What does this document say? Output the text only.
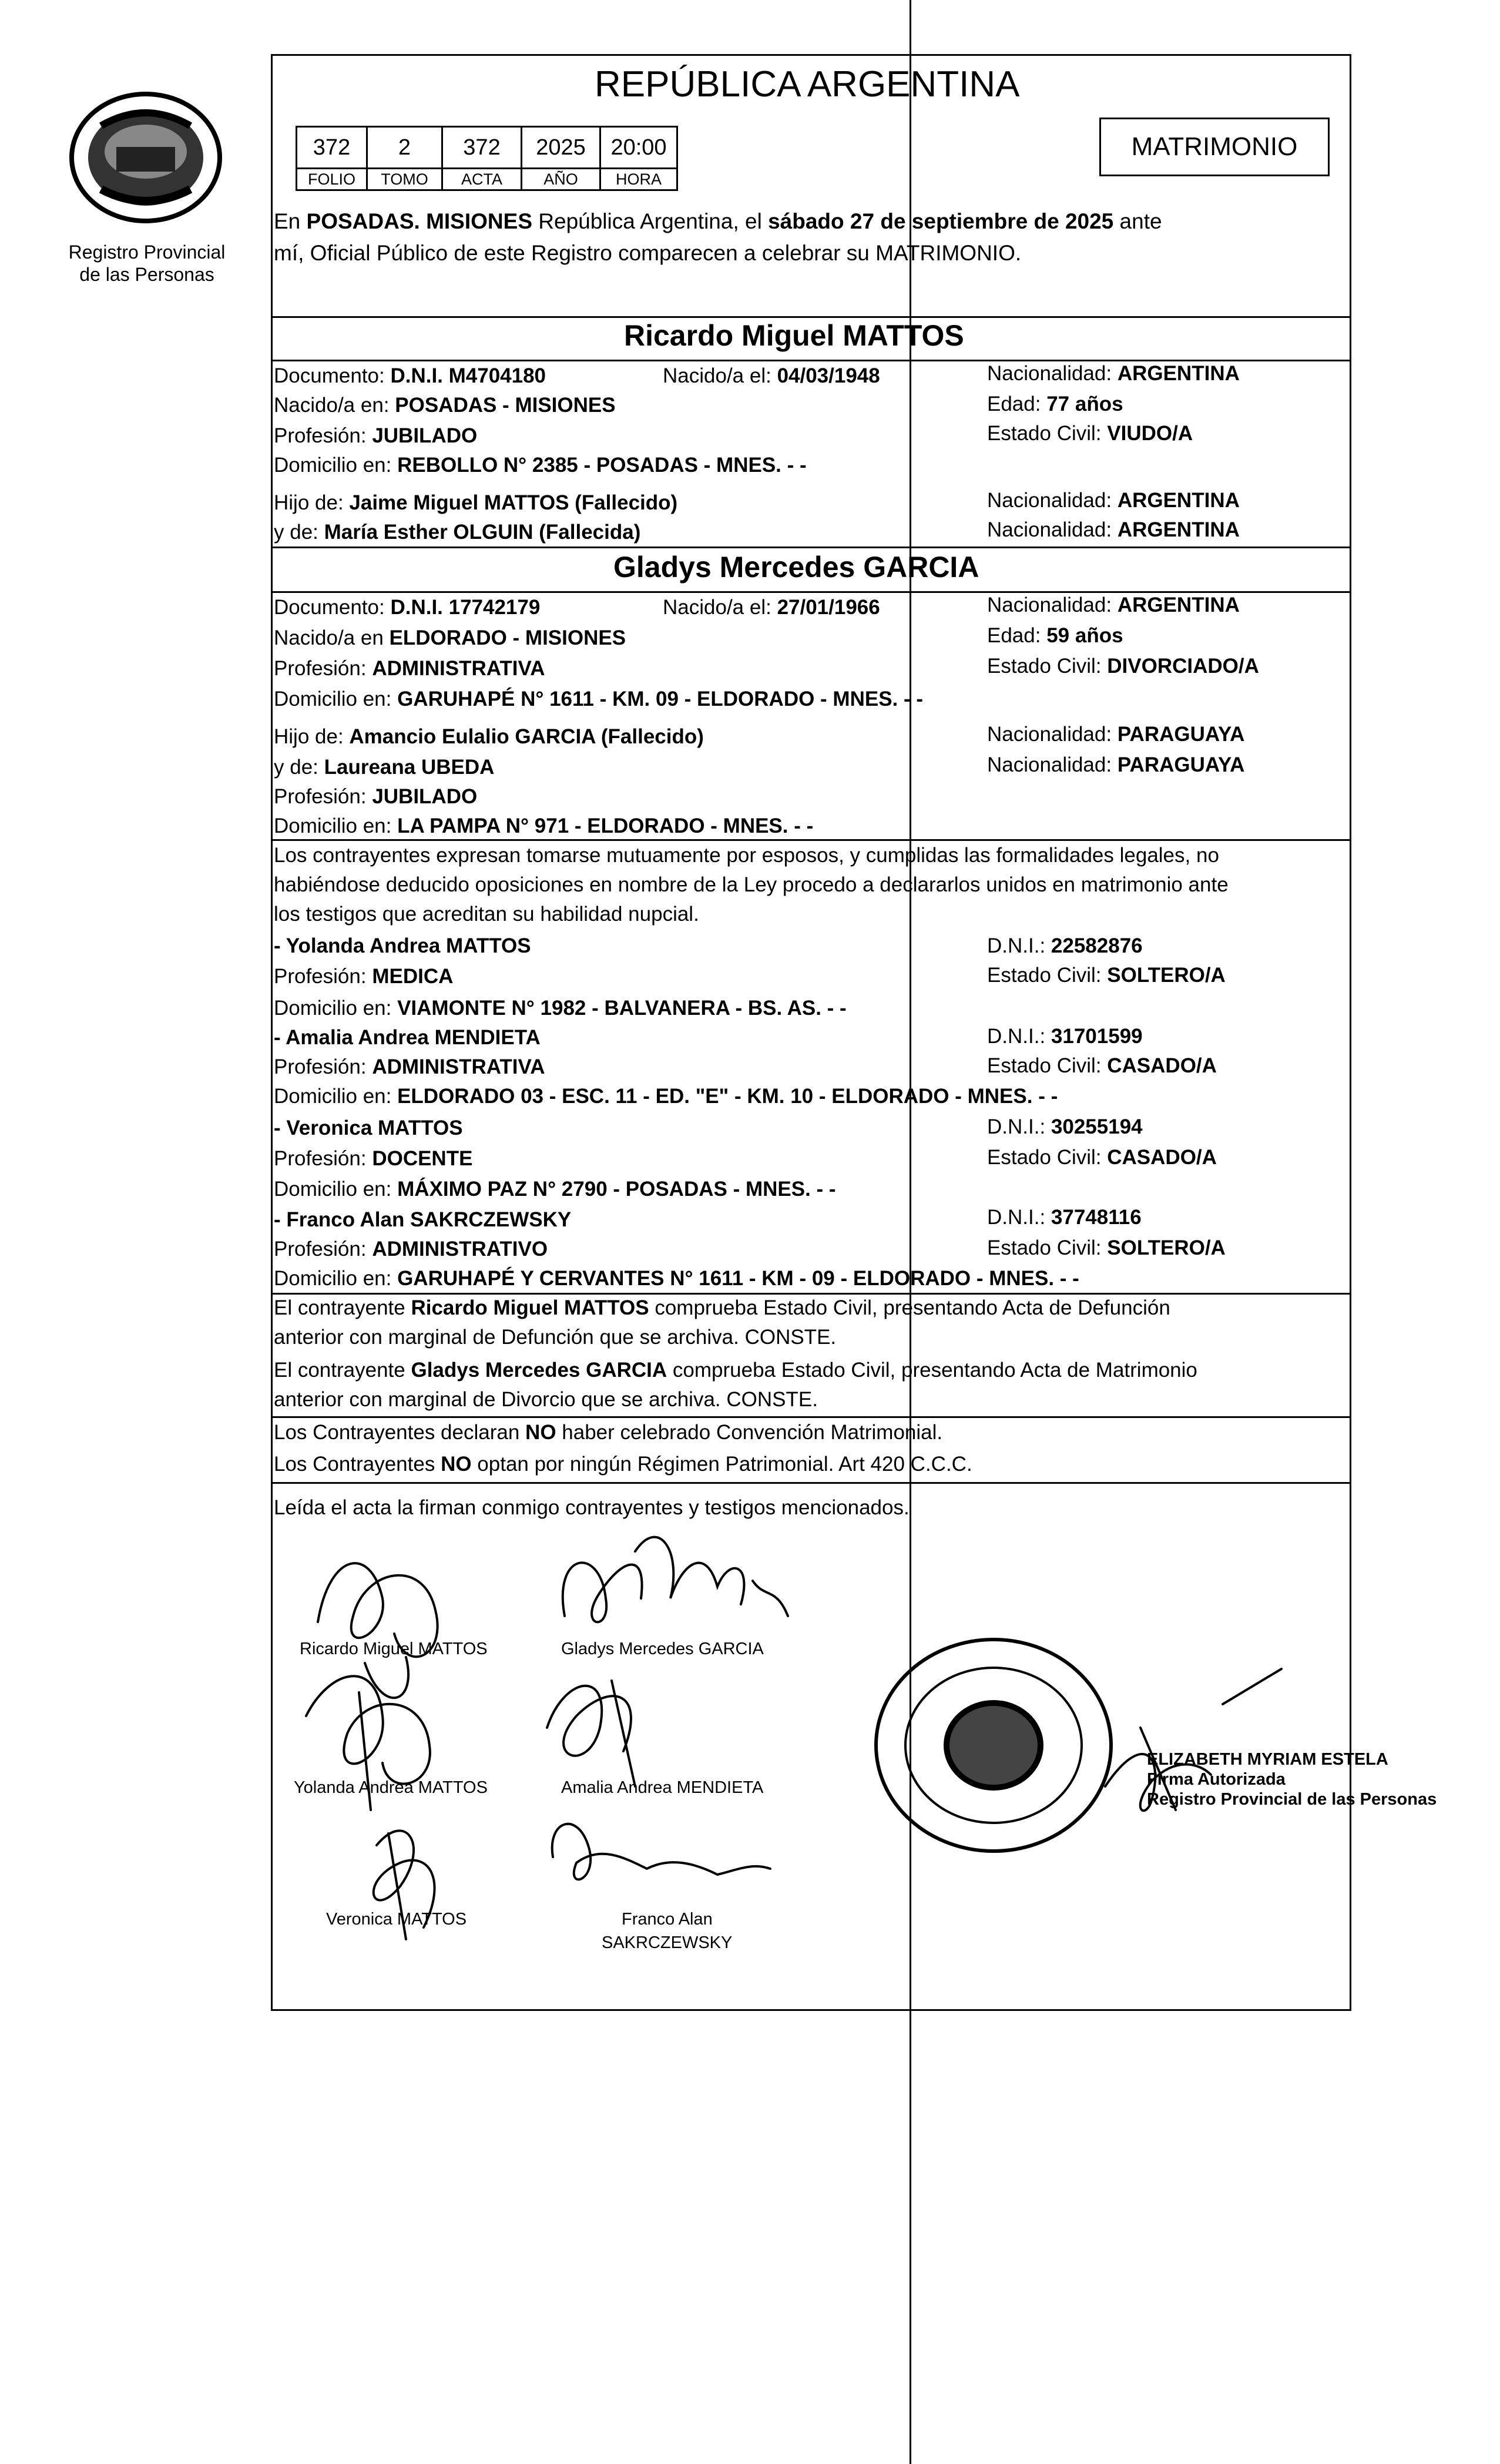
Registro Provincial
de las Personas
REPÚBLICA ARGENTINA
372	2	372	2025	20:00
FOLIO	TOMO	ACTA	AÑO	HORA
MATRIMONIO
En POSADAS. MISIONES República Argentina, el sábado 27 de septiembre de 2025 ante
mí, Oficial Público de este Registro comparecen a celebrar su MATRIMONIO.
Ricardo Miguel MATTOS
Documento: D.N.I. M4704180	Nacido/a el: 04/03/1948	Nacionalidad: ARGENTINA
Nacido/a en: POSADAS - MISIONES	Edad: 77 años
Profesión: JUBILADO	Estado Civil: VIUDO/A
Domicilio en: REBOLLO N° 2385 - POSADAS - MNES. - -
Hijo de: Jaime Miguel MATTOS (Fallecido)	Nacionalidad: ARGENTINA
y de: María Esther OLGUIN (Fallecida)	Nacionalidad: ARGENTINA
Gladys Mercedes GARCIA
Documento: D.N.I. 17742179	Nacido/a el: 27/01/1966	Nacionalidad: ARGENTINA
Nacido/a en ELDORADO - MISIONES	Edad: 59 años
Profesión: ADMINISTRATIVA	Estado Civil: DIVORCIADO/A
Domicilio en: GARUHAPÉ N° 1611 - KM. 09 - ELDORADO - MNES. - -
Hijo de: Amancio Eulalio GARCIA (Fallecido)	Nacionalidad: PARAGUAYA
y de: Laureana UBEDA	Nacionalidad: PARAGUAYA
Profesión: JUBILADO
Domicilio en: LA PAMPA N° 971 - ELDORADO - MNES. - -
Los contrayentes expresan tomarse mutuamente por esposos, y cumplidas las formalidades legales, no
habiéndose deducido oposiciones en nombre de la Ley procedo a declararlos unidos en matrimonio ante
los testigos que acreditan su habilidad nupcial.
- Yolanda Andrea MATTOS	D.N.I.: 22582876
Profesión: MEDICA	Estado Civil: SOLTERO/A
Domicilio en: VIAMONTE N° 1982 - BALVANERA - BS. AS. - -
- Amalia Andrea MENDIETA	D.N.I.: 31701599
Profesión: ADMINISTRATIVA	Estado Civil: CASADO/A
Domicilio en: ELDORADO 03 - ESC. 11 - ED. "E" - KM. 10 - ELDORADO - MNES. - -
- Veronica MATTOS	D.N.I.: 30255194
Profesión: DOCENTE	Estado Civil: CASADO/A
Domicilio en: MÁXIMO PAZ N° 2790 - POSADAS - MNES. - -
- Franco Alan SAKRCZEWSKY	D.N.I.: 37748116
Profesión: ADMINISTRATIVO	Estado Civil: SOLTERO/A
Domicilio en: GARUHAPÉ Y CERVANTES N° 1611 - KM - 09 - ELDORADO - MNES. - -
El contrayente Ricardo Miguel MATTOS comprueba Estado Civil, presentando Acta de Defunción
anterior con marginal de Defunción que se archiva. CONSTE.
El contrayente Gladys Mercedes GARCIA comprueba Estado Civil, presentando Acta de Matrimonio
anterior con marginal de Divorcio que se archiva. CONSTE.
Los Contrayentes declaran NO haber celebrado Convención Matrimonial.
Los Contrayentes NO optan por ningún Régimen Patrimonial. Art 420 C.C.C.
Leída el acta la firman conmigo contrayentes y testigos mencionados.
Ricardo Miguel MATTOS	Gladys Mercedes GARCIA
Yolanda Andrea MATTOS	Amalia Andrea MENDIETA
Veronica MATTOS	Franco Alan
SAKRCZEWSKY
ELIZABETH MYRIAM ESTELA
Firma Autorizada
Registro Provincial de las Personas
